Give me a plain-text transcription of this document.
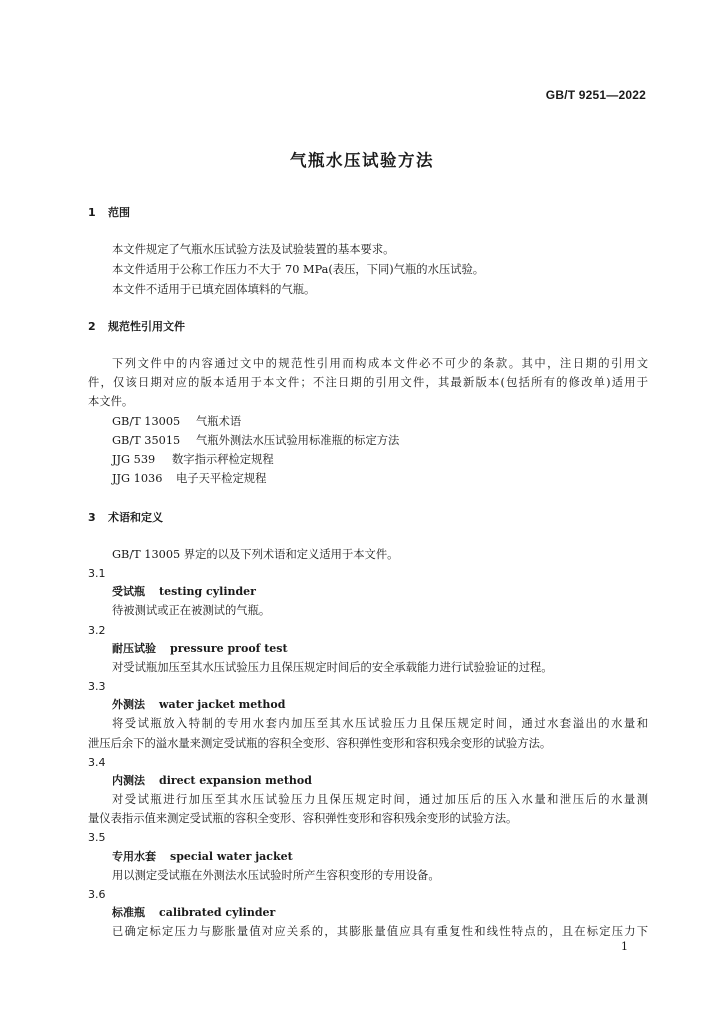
GB/T 9251—2022
气瓶水压试验方法
1 范围
本文件规定了气瓶水压试验方法及试验装置的基本要求。
本文件适用于公称工作压力不大于 70 MPa(表压，下同)气瓶的水压试验。
本文件不适用于已填充固体填料的气瓶。
2 规范性引用文件
下列文件中的内容通过文中的规范性引用而构成本文件必不可少的条款。其中，注日期的引用文
件，仅该日期对应的版本适用于本文件；不注日期的引用文件，其最新版本(包括所有的修改单)适用于
本文件。
GB/T 13005 气瓶术语
GB/T 35015 气瓶外测法水压试验用标准瓶的标定方法
JJG 539 数字指示秤检定规程
JJG 1036 电子天平检定规程
3 术语和定义
GB/T 13005 界定的以及下列术语和定义适用于本文件。
3.1
受试瓶 testing cylinder
待被测试或正在被测试的气瓶。
3.2
耐压试验 pressure proof test
对受试瓶加压至其水压试验压力且保压规定时间后的安全承载能力进行试验验证的过程。
3.3
外测法 water jacket method
将受试瓶放入特制的专用水套内加压至其水压试验压力且保压规定时间，通过水套溢出的水量和
泄压后余下的溢水量来测定受试瓶的容积全变形、容积弹性变形和容积残余变形的试验方法。
3.4
内测法 direct expansion method
对受试瓶进行加压至其水压试验压力且保压规定时间，通过加压后的压入水量和泄压后的水量测
量仪表指示值来测定受试瓶的容积全变形、容积弹性变形和容积残余变形的试验方法。
3.5
专用水套 special water jacket
用以测定受试瓶在外测法水压试验时所产生容积变形的专用设备。
3.6
标准瓶 calibrated cylinder
已确定标定压力与膨胀量值对应关系的，其膨胀量值应具有重复性和线性特点的，且在标定压力下
1
